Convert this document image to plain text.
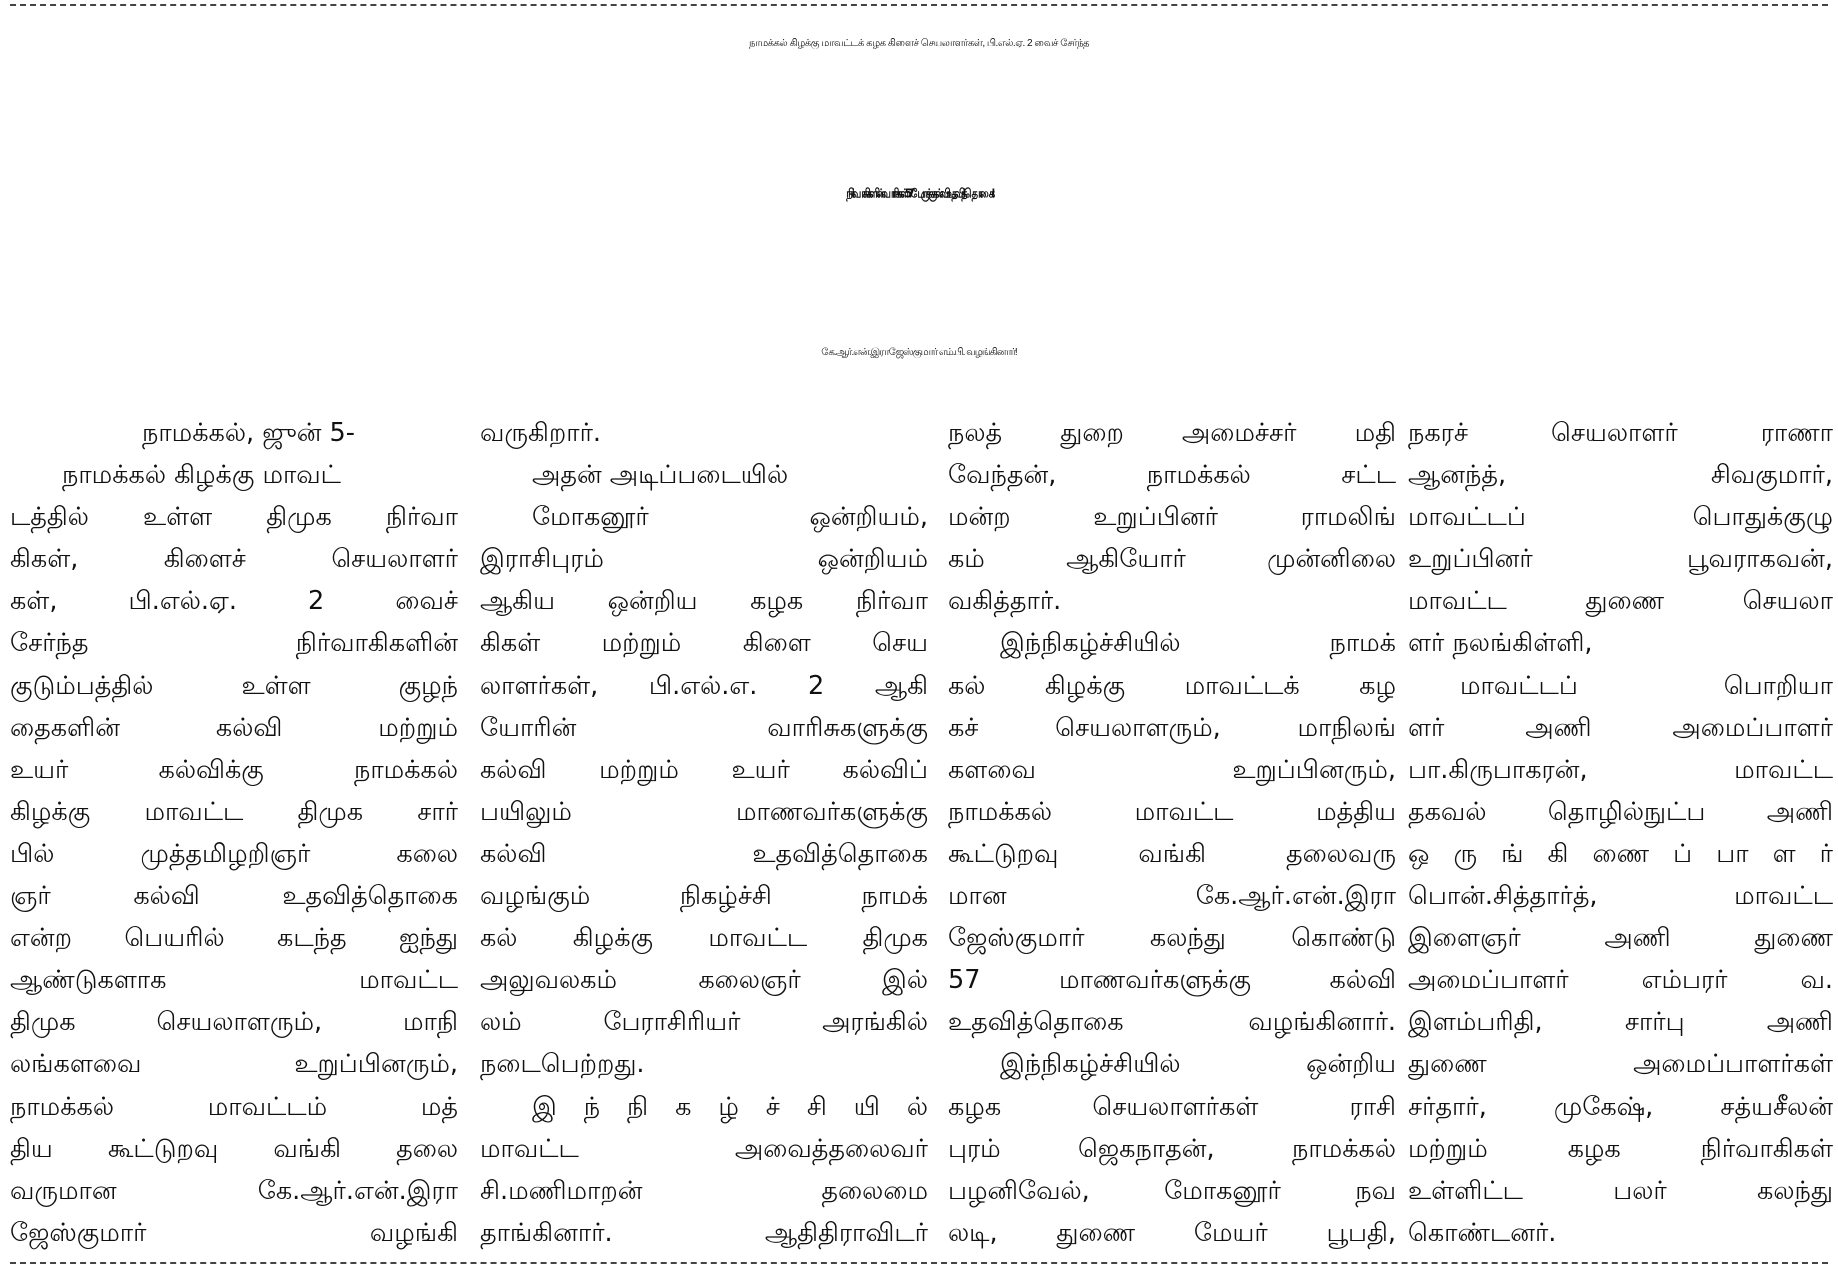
நாமக்கல் கிழக்கு மாவட்டக் கழக கிளைச் செயலாளர்கள், பி.எல்.ஏ. 2 வைச் சேர்ந்த
நிர்வாகிகளின் வாரிசுகள் 57 பேருக்கு கல்வி உதவித்தொகை!
கே.ஆர்.என்.இராஜேஸ்குமார் எம்.பி. வழங்கினார்!
நாமக்கல், ஜுன் 5-
நாமக்கல் கிழக்கு மாவட்
டத்தில் உள்ள திமுக நிர்வா
கிகள், கிளைச் செயலாளர்
கள், பி.எல்.ஏ. 2 வைச்
சேர்ந்த நிர்வாகிகளின்
குடும்பத்தில் உள்ள குழந்
தைகளின் கல்வி மற்றும்
உயர் கல்விக்கு நாமக்கல்
கிழக்கு மாவட்ட திமுக சார்
பில் முத்தமிழறிஞர் கலை
ஞர் கல்வி உதவித்தொகை
என்ற பெயரில் கடந்த ஐந்து
ஆண்டுகளாக மாவட்ட
திமுக செயலாளரும், மாநி
லங்களவை உறுப்பினரும்,
நாமக்கல் மாவட்டம் மத்
திய கூட்டுறவு வங்கி தலை
வருமான கே.ஆர்.என்.இரா
ஜேஸ்குமார் வழங்கி
வருகிறார்.
அதன் அடிப்படையில்
மோகனூர் ஒன்றியம்,
இராசிபுரம் ஒன்றியம்
ஆகிய ஒன்றிய கழக நிர்வா
கிகள் மற்றும் கிளை செய
லாளர்கள், பி.எல்.எ. 2 ஆகி
யோரின் வாரிசுகளுக்கு
கல்வி மற்றும் உயர் கல்விப்
பயிலும் மாணவர்களுக்கு
கல்வி உதவித்தொகை
வழங்கும் நிகழ்ச்சி நாமக்
கல் கிழக்கு மாவட்ட திமுக
அலுவலகம் கலைஞர் இல்
லம் பேராசிரியர் அரங்கில்
நடைபெற்றது.
இ ந் நி க ழ் ச் சி யி ல்
மாவட்ட அவைத்தலைவர்
சி.மணிமாறன் தலைமை
தாங்கினார். ஆதிதிராவிடர்
நலத் துறை அமைச்சர் மதி
வேந்தன், நாமக்கல் சட்ட
மன்ற உறுப்பினர் ராமலிங்
கம் ஆகியோர் முன்னிலை
வகித்தார்.
இந்நிகழ்ச்சியில் நாமக்
கல் கிழக்கு மாவட்டக் கழ
கச் செயலாளரும், மாநிலங்
களவை உறுப்பினரும்,
நாமக்கல் மாவட்ட மத்திய
கூட்டுறவு வங்கி தலைவரு
மான கே.ஆர்.என்.இரா
ஜேஸ்குமார் கலந்து கொண்டு
57 மாணவர்களுக்கு கல்வி
உதவித்தொகை வழங்கினார்.
இந்நிகழ்ச்சியில் ஒன்றிய
கழக செயலாளர்கள் ராசி
புரம் ஜெகநாதன், நாமக்கல்
பழனிவேல், மோகனூர் நவ
லடி, துணை மேயர் பூபதி,
நகரச் செயலாளர் ராணா
ஆனந்த், சிவகுமார்,
மாவட்டப் பொதுக்குழு
உறுப்பினர் பூவராகவன்,
மாவட்ட துணை செயலா
ளர் நலங்கிள்ளி,
மாவட்டப் பொறியா
ளர் அணி அமைப்பாளர்
பா.கிருபாகரன், மாவட்ட
தகவல் தொழில்நுட்ப அணி
ஒ ரு ங் கி ணை ப் பா ள ர்
பொன்.சித்தார்த், மாவட்ட
இளைஞர் அணி துணை
அமைப்பாளர் எம்பரர் வ.
இளம்பரிதி, சார்பு அணி
துணை அமைப்பாளர்கள்
சர்தார், முகேஷ், சத்யசீலன்
மற்றும் கழக நிர்வாகிகள்
உள்ளிட்ட பலர் கலந்து
கொண்டனர்.
